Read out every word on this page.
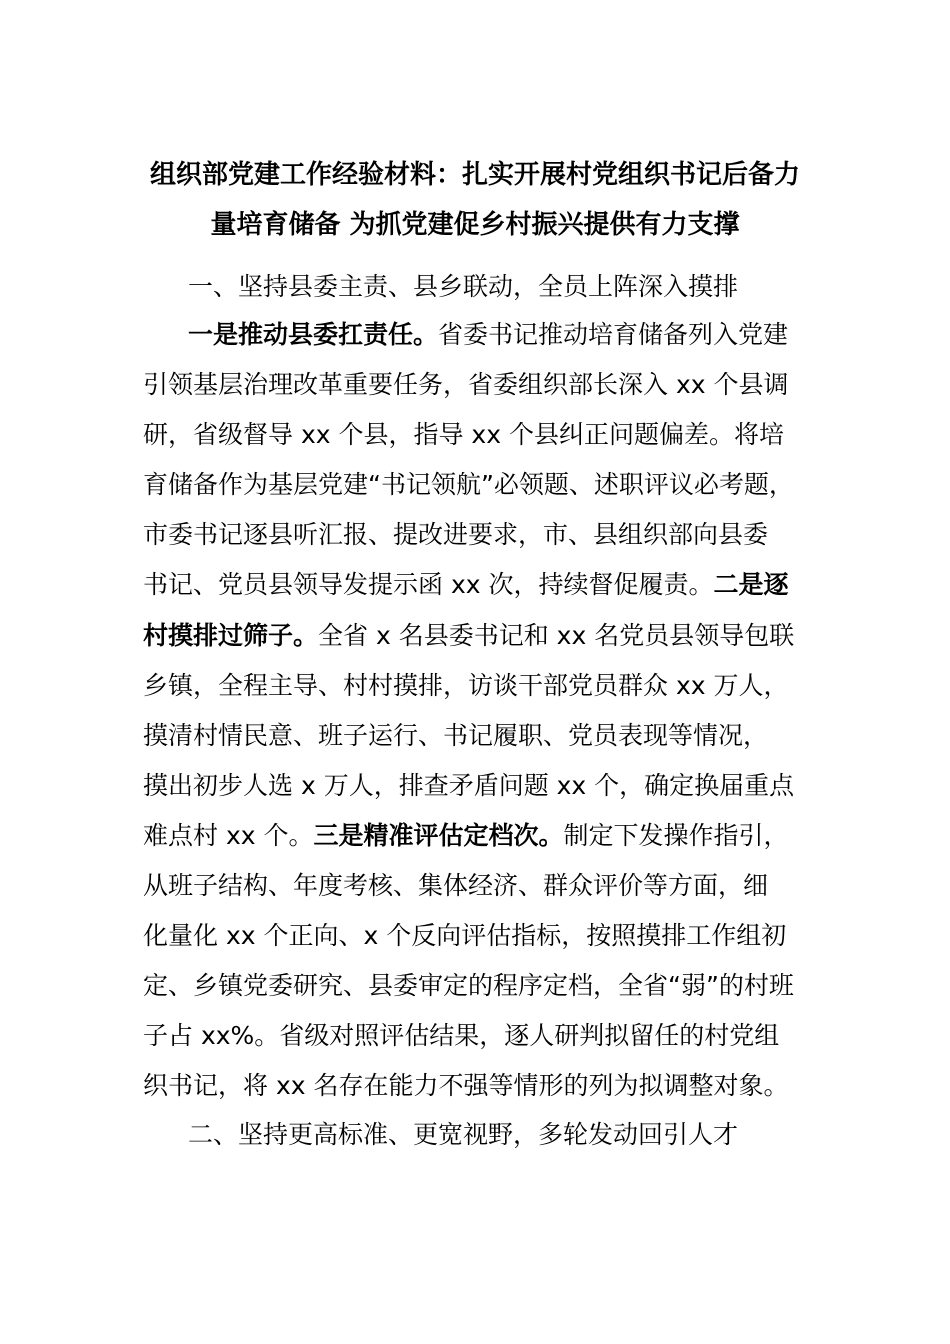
组织部党建工作经验材料：扎实开展村党组织书记后备力
量培育储备 为抓党建促乡村振兴提供有力支撑
一、坚持县委主责、县乡联动，全员上阵深入摸排
一是推动县委扛责任。省委书记推动培育储备列入党建
引领基层治理改革重要任务，省委组织部长深入 xx 个县调
研，省级督导 xx 个县，指导 xx 个县纠正问题偏差。将培
育储备作为基层党建“书记领航”必领题、述职评议必考题，
市委书记逐县听汇报、提改进要求，市、县组织部向县委
书记、党员县领导发提示函 xx 次，持续督促履责。二是逐
村摸排过筛子。全省 x 名县委书记和 xx 名党员县领导包联
乡镇，全程主导、村村摸排，访谈干部党员群众 xx 万人，
摸清村情民意、班子运行、书记履职、党员表现等情况，
摸出初步人选 x 万人，排查矛盾问题 xx 个，确定换届重点
难点村 xx 个。三是精准评估定档次。制定下发操作指引，
从班子结构、年度考核、集体经济、群众评价等方面，细
化量化 xx 个正向、x 个反向评估指标，按照摸排工作组初
定、乡镇党委研究、县委审定的程序定档，全省“弱”的村班
子占 xx%。省级对照评估结果，逐人研判拟留任的村党组
织书记，将 xx 名存在能力不强等情形的列为拟调整对象。
二、坚持更高标准、更宽视野，多轮发动回引人才
